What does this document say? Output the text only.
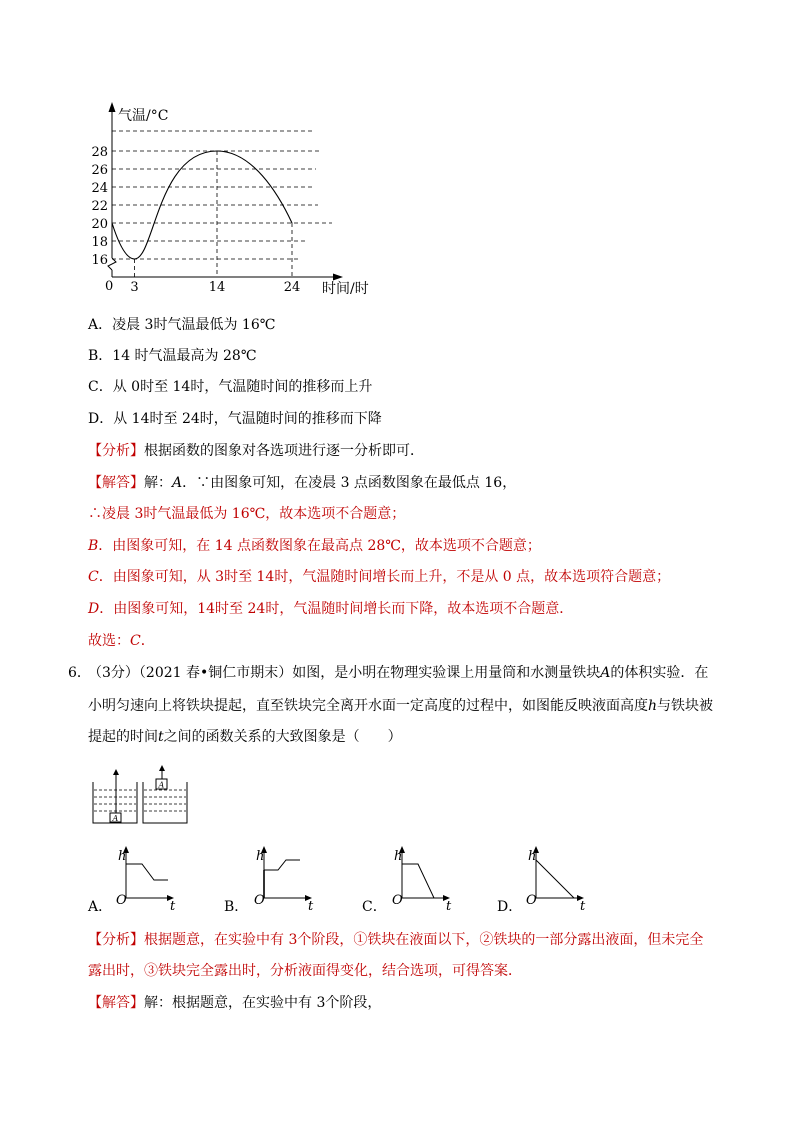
16
18
20
22
24
26
28
3	14	24
气温/°C
时间/时
0
A．凌晨 3时气温最低为 16℃
B．14 时气温最高为 28℃
C．从 0时至 14时，气温随时间的推移而上升
D．从 14时至 24时，气温随时间的推移而下降
【分析】根据函数的图象对各选项进行逐一分析即可．
【解答】解：A．∵由图象可知，在凌晨 3 点函数图象在最低点 16，
∴凌晨 3时气温最低为 16℃，故本选项不合题意；
B．由图象可知，在 14 点函数图象在最高点 28℃，故本选项不合题意；
C．由图象可知，从 3时至 14时，气温随时间增长而上升，不是从 0 点，故本选项符合题意；
D．由图象可知，14时至 24时，气温随时间增长而下降，故本选项不合题意．
故选：C．
6．
（3分）（2021 春•铜仁市期末）如图，是小明在物理实验课上用量筒和水测量铁块A的体积实验．在
小明匀速向上将铁块提起，直至铁块完全离开水面一定高度的过程中，如图能反映液面高度h与铁块被
提起的时间t之间的函数关系的大致图象是（　　）
A
A
A．
h
O	t	B．
h
O	t	C．
h
O	t	D．
h
O	t
【分析】根据题意，在实验中有 3个阶段，①铁块在液面以下，②铁块的一部分露出液面，但未完全
露出时，③铁块完全露出时，分析液面得变化，结合选项，可得答案．
【解答】解：根据题意，在实验中有 3个阶段，
